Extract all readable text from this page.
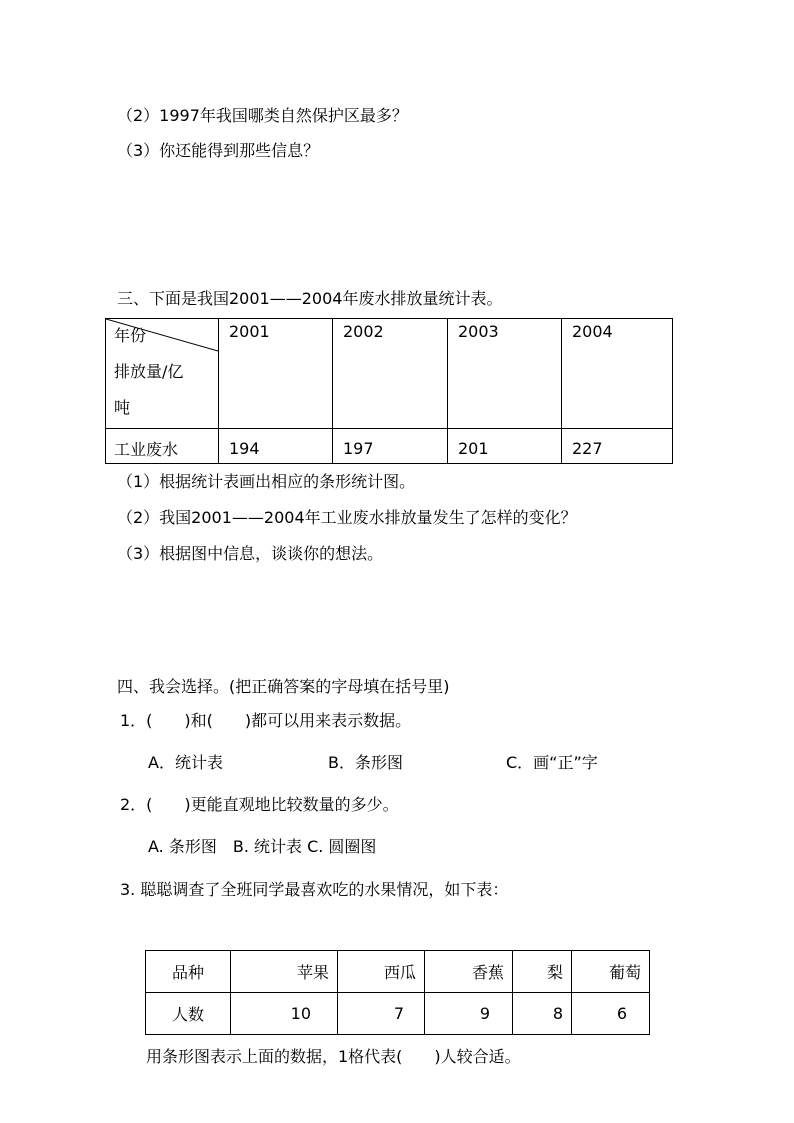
（2）1997年我国哪类自然保护区最多？
（3）你还能得到那些信息？
三、下面是我国2001——2004年废水排放量统计表。
年份
排放量/亿
吨	2001	2002	2003	2004
工业废水	194	197	201	227
（1）根据统计表画出相应的条形统计图。
（2）我国2001——2004年工业废水排放量发生了怎样的变化？
（3）根据图中信息，谈谈你的想法。
四、我会选择。(把正确答案的字母填在括号里)
1．(　　)和(　　)都可以用来表示数据。
A．统计表	B．条形图	C．画“正”字
2．(　　)更能直观地比较数量的多少。
A. 条形图　B. 统计表 C. 圆圈图
3. 聪聪调查了全班同学最喜欢吃的水果情况，如下表：
品种	苹果	西瓜	香蕉	梨	葡萄
人数	10	7	9	8	6
用条形图表示上面的数据，1格代表(　　)人较合适。
